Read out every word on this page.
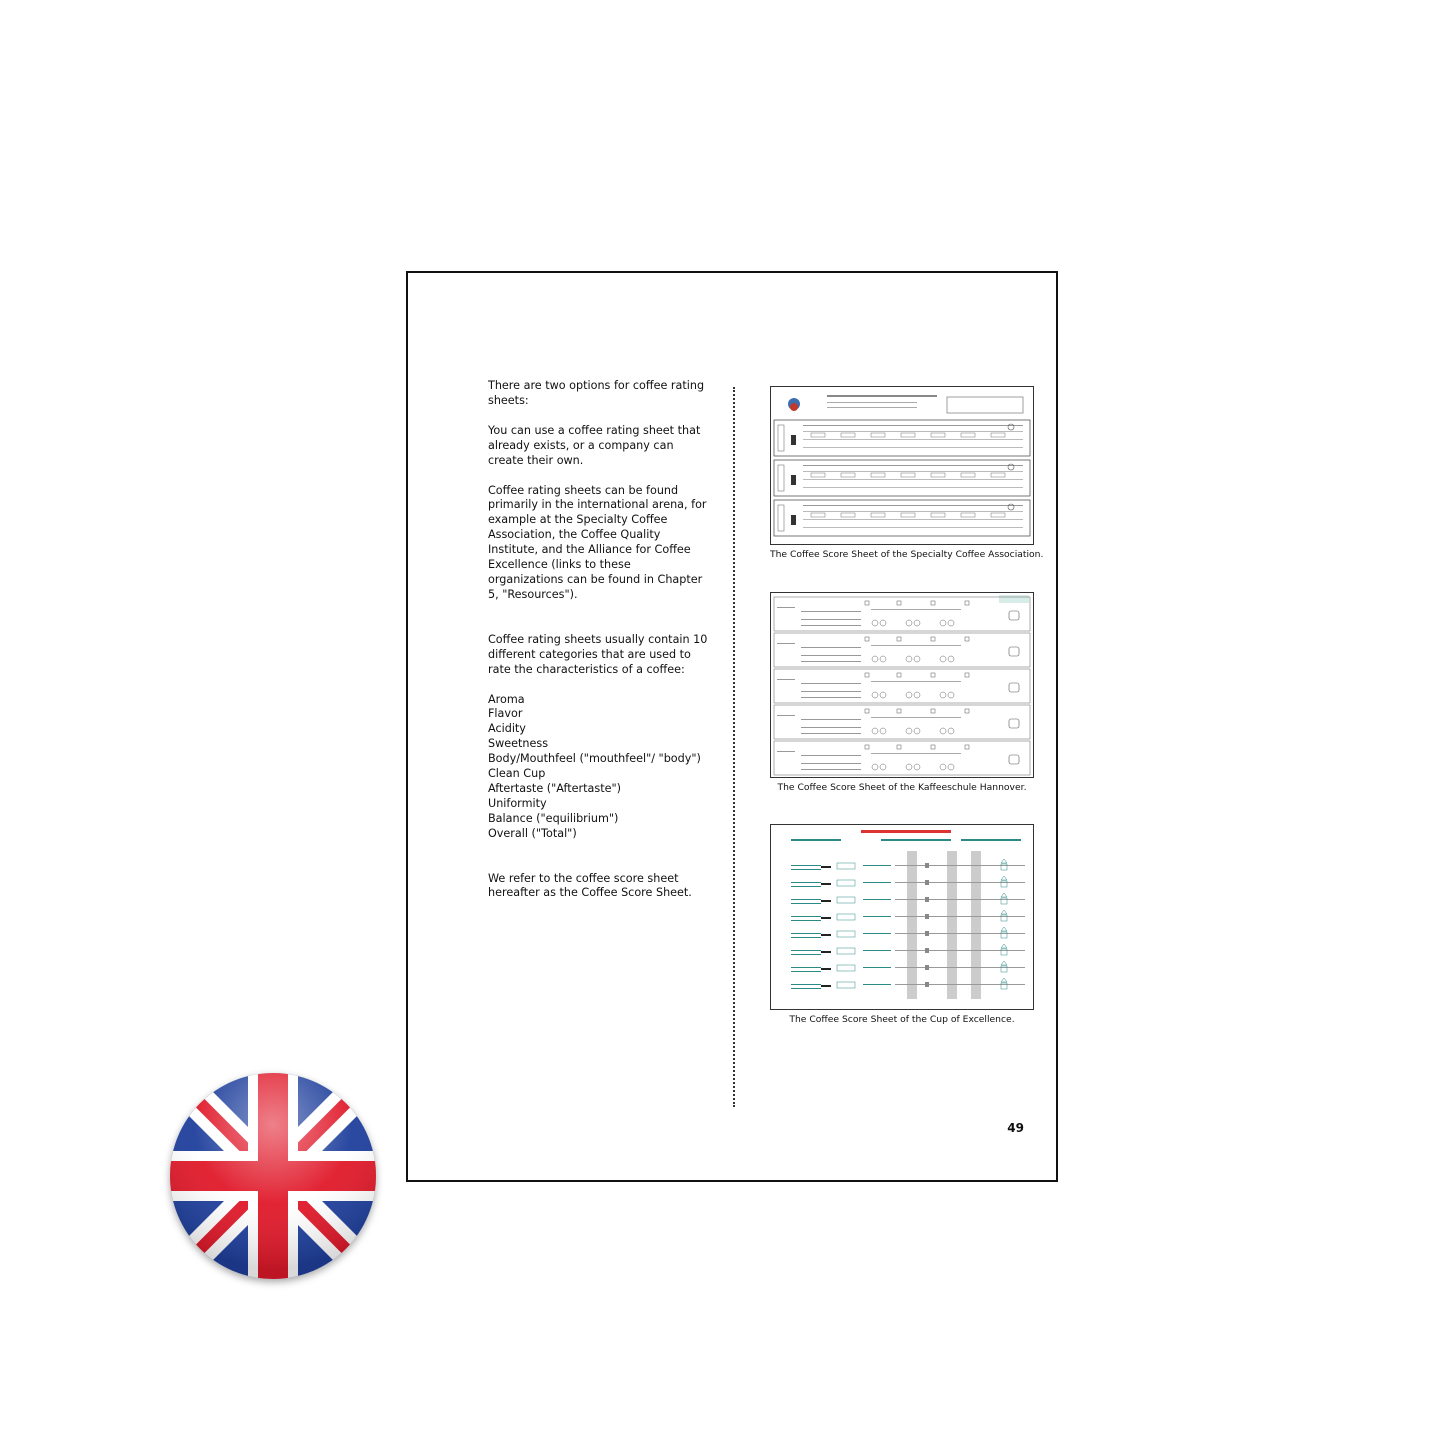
There are two options for coffee rating sheets:

You can use a coffee rating sheet that already exists, or a company can create their own.

Coffee rating sheets can be found primarily in the international arena, for example at the Specialty Coffee Association, the Coffee Quality Institute, and the Alliance for Coffee Excellence (links to these organizations can be found in Chapter 5, "Resources").

Coffee rating sheets usually contain 10 different categories that are used to rate the characteristics of a coffee:

Aroma
Flavor
Acidity
Sweetness
Body/Mouthfeel ("mouthfeel"/ "body")
Clean Cup
Aftertaste ("Aftertaste")
Uniformity
Balance ("equilibrium")
Overall ("Total")

We refer to the coffee score sheet hereafter as the Coffee Score Sheet.

The Coffee Score Sheet of the Specialty Coffee Association.
The Coffee Score Sheet of the Kaffeeschule Hannover.
The Coffee Score Sheet of the Cup of Excellence.
49
